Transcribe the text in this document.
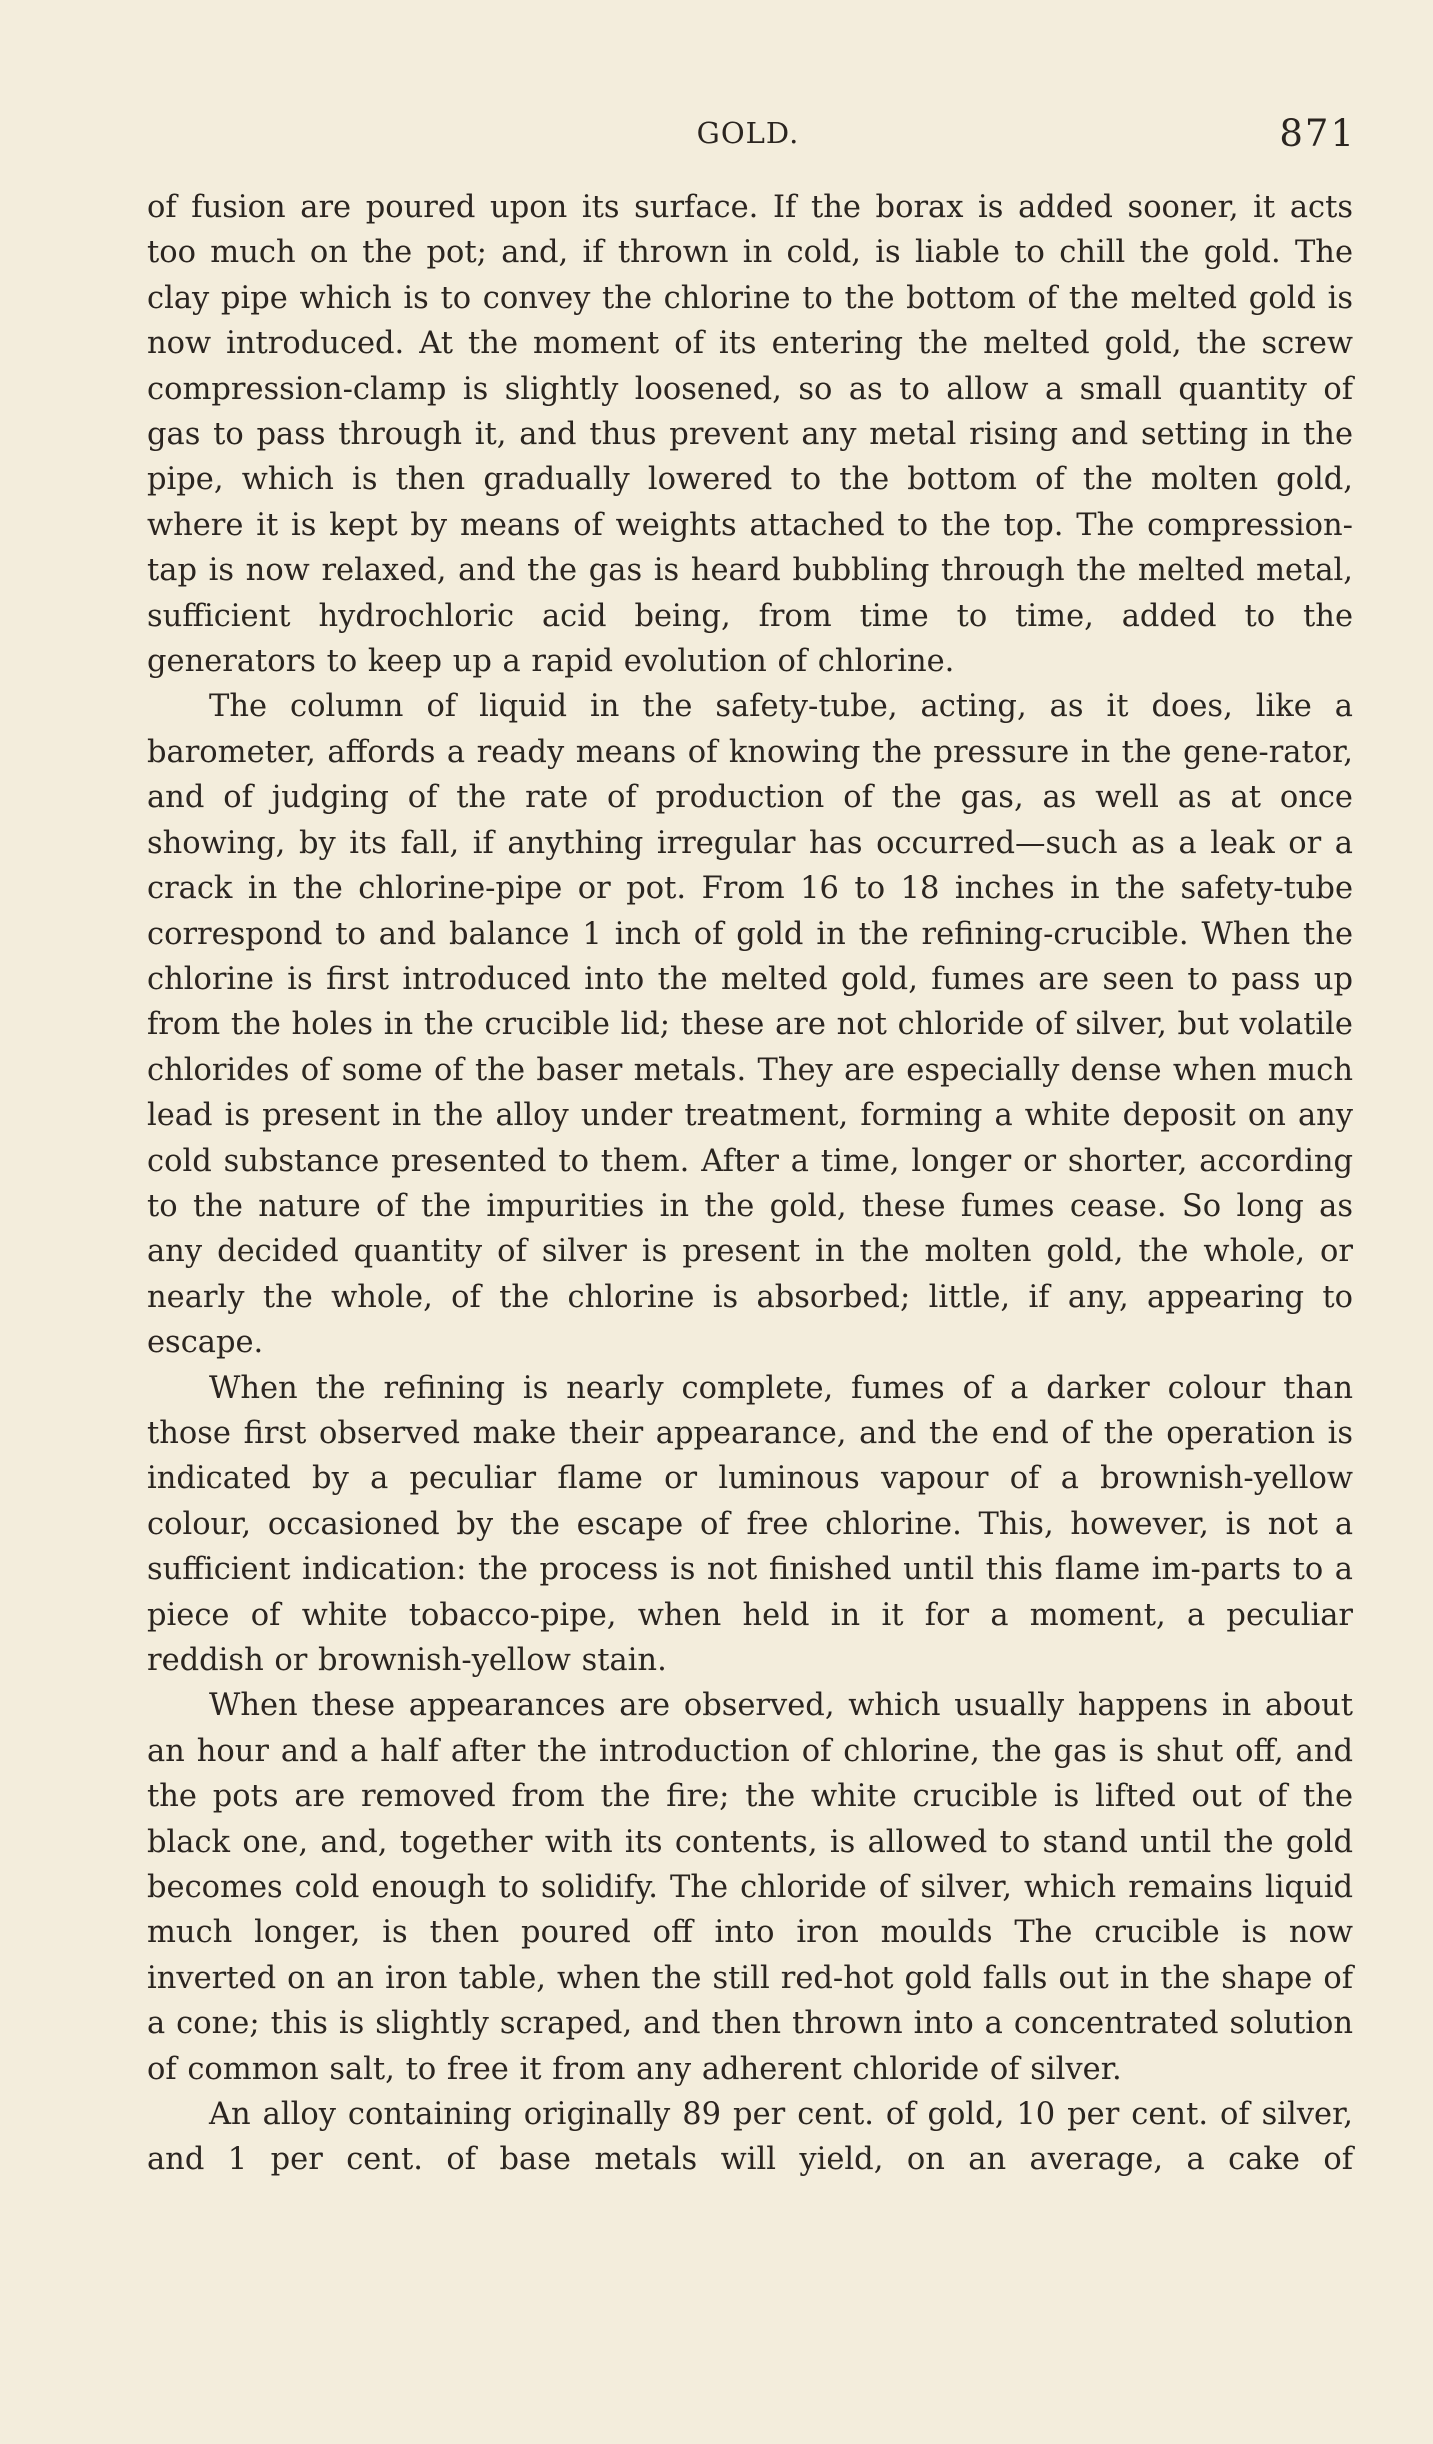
GOLD.	871

of fusion are poured upon its surface. If the borax is added sooner, it acts too much on the pot; and, if thrown in cold, is liable to chill the gold. The clay pipe which is to convey the chlorine to the bottom of the melted gold is now introduced. At the moment of its entering the melted gold, the screw compression-clamp is slightly loosened, so as to allow a small quantity of gas to pass through it, and thus prevent any metal rising and setting in the pipe, which is then gradually lowered to the bottom of the molten gold, where it is kept by means of weights attached to the top. The compression-tap is now relaxed, and the gas is heard bubbling through the melted metal, sufficient hydrochloric acid being, from time to time, added to the generators to keep up a rapid evolution of chlorine.

The column of liquid in the safety-tube, acting, as it does, like a barometer, affords a ready means of knowing the pressure in the gene-rator, and of judging of the rate of production of the gas, as well as at once showing, by its fall, if anything irregular has occurred—such as a leak or a crack in the chlorine-pipe or pot. From 16 to 18 inches in the safety-tube correspond to and balance 1 inch of gold in the refining-crucible. When the chlorine is first introduced into the melted gold, fumes are seen to pass up from the holes in the crucible lid; these are not chloride of silver, but volatile chlorides of some of the baser metals. They are especially dense when much lead is present in the alloy under treatment, forming a white deposit on any cold substance presented to them. After a time, longer or shorter, according to the nature of the impurities in the gold, these fumes cease. So long as any decided quantity of silver is present in the molten gold, the whole, or nearly the whole, of the chlorine is absorbed; little, if any, appearing to escape.

When the refining is nearly complete, fumes of a darker colour than those first observed make their appearance, and the end of the operation is indicated by a peculiar flame or luminous vapour of a brownish-yellow colour, occasioned by the escape of free chlorine. This, however, is not a sufficient indication: the process is not finished until this flame im-parts to a piece of white tobacco-pipe, when held in it for a moment, a peculiar reddish or brownish-yellow stain.

When these appearances are observed, which usually happens in about an hour and a half after the introduction of chlorine, the gas is shut off, and the pots are removed from the fire; the white crucible is lifted out of the black one, and, together with its contents, is allowed to stand until the gold becomes cold enough to solidify. The chloride of silver, which remains liquid much longer, is then poured off into iron moulds The crucible is now inverted on an iron table, when the still red-hot gold falls out in the shape of a cone; this is slightly scraped, and then thrown into a concentrated solution of common salt, to free it from any adherent chloride of silver.

An alloy containing originally 89 per cent. of gold, 10 per cent. of silver, and 1 per cent. of base metals will yield, on an average, a cake of
